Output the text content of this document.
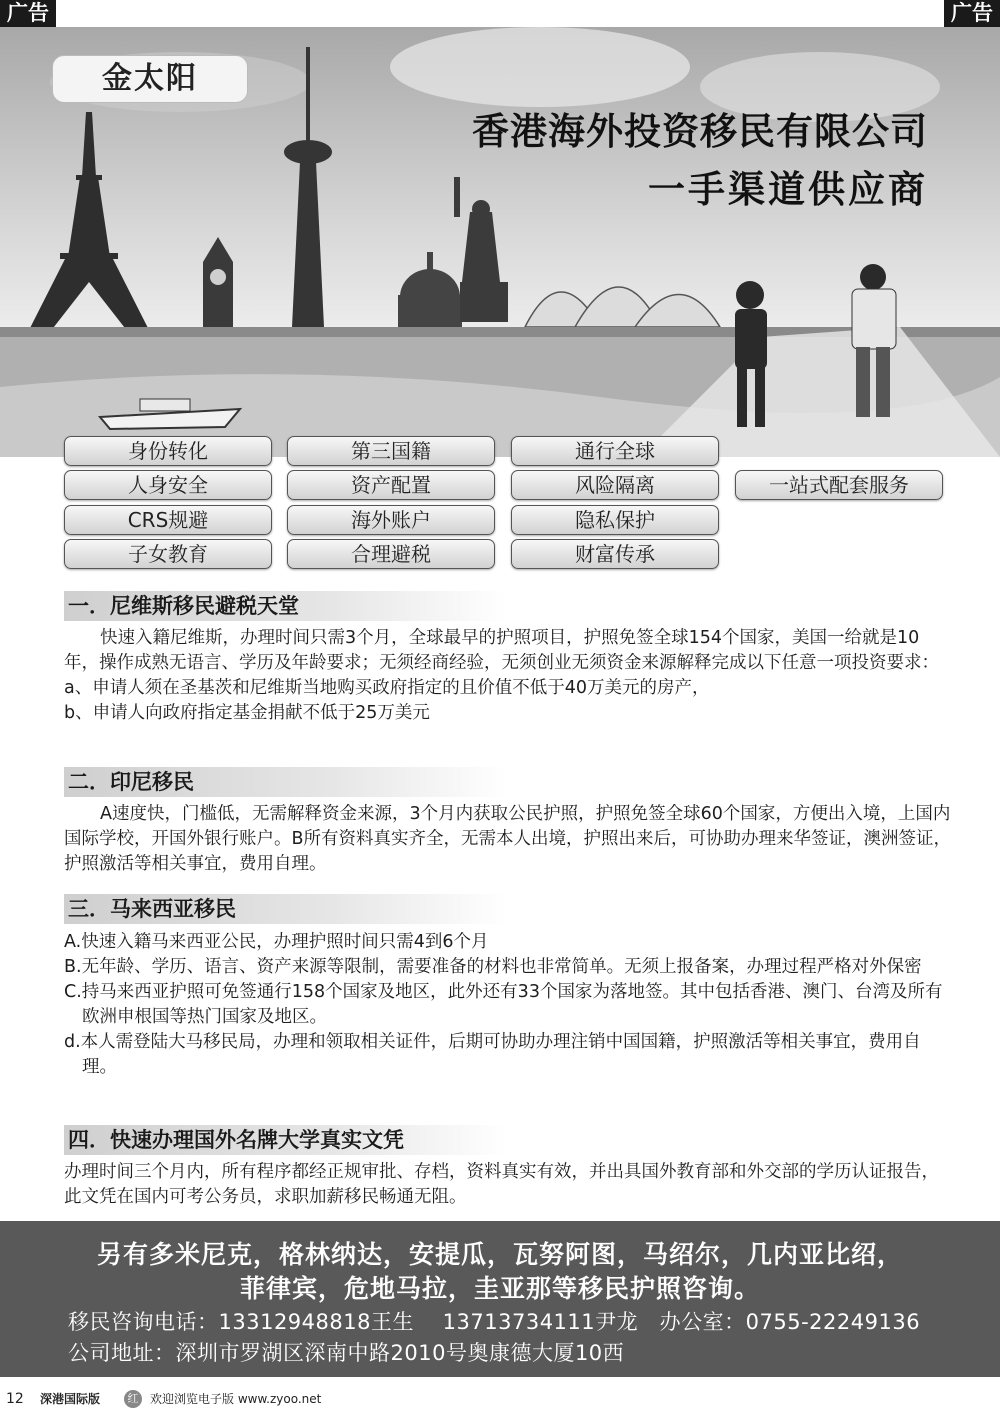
广告	广告
金太阳
香港海外投资移民有限公司
一手渠道供应商
身份转化	第三国籍	通行全球
人身安全	资产配置	风险隔离	一站式配套服务
CRS规避	海外账户	隐私保护
子女教育	合理避税	财富传承
一．尼维斯移民避税天堂

快速入籍尼维斯，办理时间只需3个月，全球最早的护照项目，护照免签全球154个国家，美国一给就是10年，操作成熟无语言、学历及年龄要求；无须经商经验，无须创业无须资金来源解释完成以下任意一项投资要求：

a、申请人须在圣基茨和尼维斯当地购买政府指定的且价值不低于40万美元的房产，

b、申请人向政府指定基金捐献不低于25万美元

二．印尼移民

A速度快，门槛低，无需解释资金来源，3个月内获取公民护照，护照免签全球60个国家，方便出入境，上国内国际学校，开国外银行账户。B所有资料真实齐全，无需本人出境，护照出来后，可协助办理来华签证，澳洲签证，护照激活等相关事宜，费用自理。

三．马来西亚移民

A.快速入籍马来西亚公民，办理护照时间只需4到6个月

B.无年龄、学历、语言、资产来源等限制，需要准备的材料也非常简单。无须上报备案，办理过程严格对外保密

C.持马来西亚护照可免签通行158个国家及地区，此外还有33个国家为落地签。其中包括香港、澳门、台湾及所有欧洲申根国等热门国家及地区。

d.本人需登陆大马移民局，办理和领取相关证件，后期可协助办理注销中国国籍，护照激活等相关事宜，费用自理。

四．快速办理国外名牌大学真实文凭

办理时间三个月内，所有程序都经正规审批、存档，资料真实有效，并出具国外教育部和外交部的学历认证报告，此文凭在国内可考公务员，求职加薪移民畅通无阻。

另有多米尼克，格林纳达，安提瓜，瓦努阿图，马绍尔，几内亚比绍，
菲律宾，危地马拉，圭亚那等移民护照咨询。
移民咨询电话：13312948818王生    13713734111尹龙   办公室：0755-22249136
公司地址：深圳市罗湖区深南中路2010号奥康德大厦10西
12 深港国际版	红 欢迎浏览电子版 www.zyoo.net
